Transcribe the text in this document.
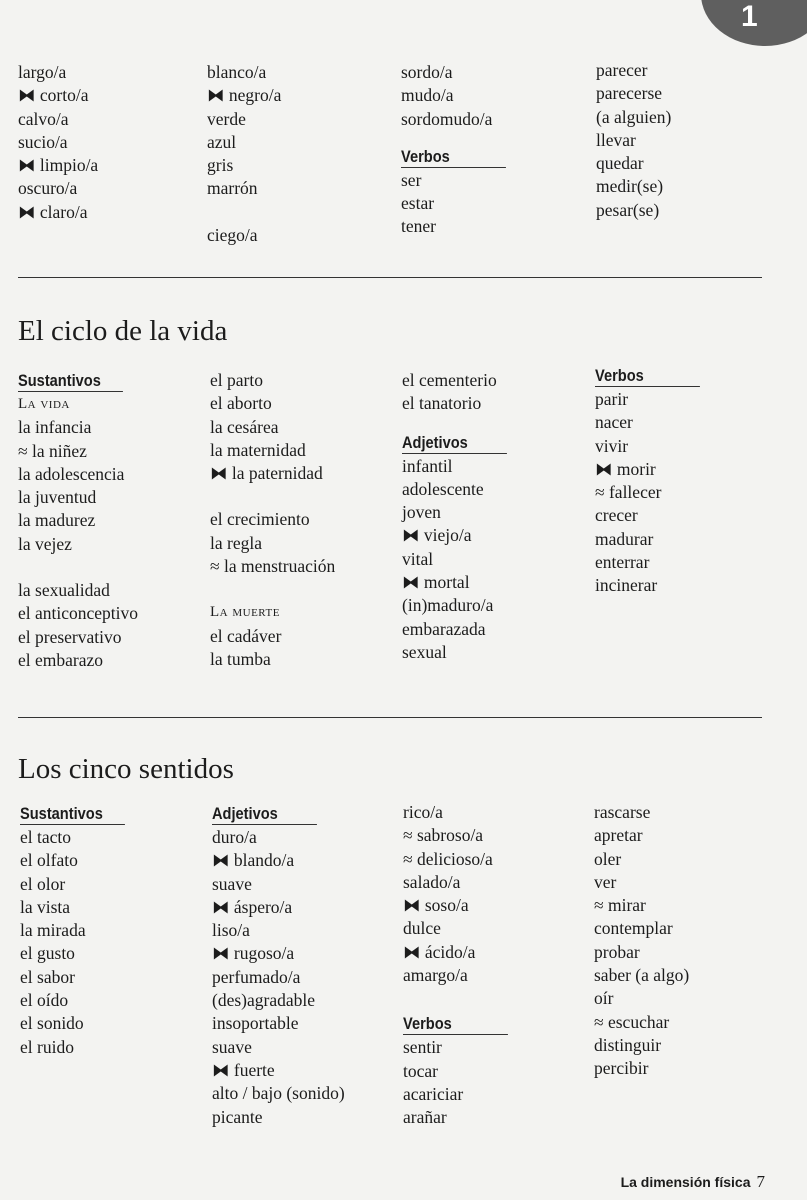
1
largo/a
⧓ corto/a
calvo/a
sucio/a
⧓ limpio/a
oscuro/a
⧓ claro/a
blanco/a
⧓ negro/a
verde
azul
gris
marrón
ciego/a
sordo/a
mudo/a
sordomudo/a
Verbos
ser
estar
tener
parecer
parecerse
(a alguien)
llevar
quedar
medir(se)
pesar(se)
El ciclo de la vida
Sustantivos
La vida
la infancia
≈ la niñez
la adolescencia
la juventud
la madurez
la vejez
la sexualidad
el anticonceptivo
el preservativo
el embarazo
el parto
el aborto
la cesárea
la maternidad
⧓ la paternidad
el crecimiento
la regla
≈ la menstruación
La muerte
el cadáver
la tumba
el cementerio
el tanatorio
Adjetivos
infantil
adolescente
joven
⧓ viejo/a
vital
⧓ mortal
(in)maduro/a
embarazada
sexual
Verbos
parir
nacer
vivir
⧓ morir
≈ fallecer
crecer
madurar
enterrar
incinerar
Los cinco sentidos
Sustantivos
el tacto
el olfato
el olor
la vista
la mirada
el gusto
el sabor
el oído
el sonido
el ruido
Adjetivos
duro/a
⧓ blando/a
suave
⧓ áspero/a
liso/a
⧓ rugoso/a
perfumado/a
(des)agradable
insoportable
suave
⧓ fuerte
alto / bajo (sonido)
picante
rico/a
≈ sabroso/a
≈ delicioso/a
salado/a
⧓ soso/a
dulce
⧓ ácido/a
amargo/a
Verbos
sentir
tocar
acariciar
arañar
rascarse
apretar
oler
ver
≈ mirar
contemplar
probar
saber (a algo)
oír
≈ escuchar
distinguir
percibir
La dimensión física 7
